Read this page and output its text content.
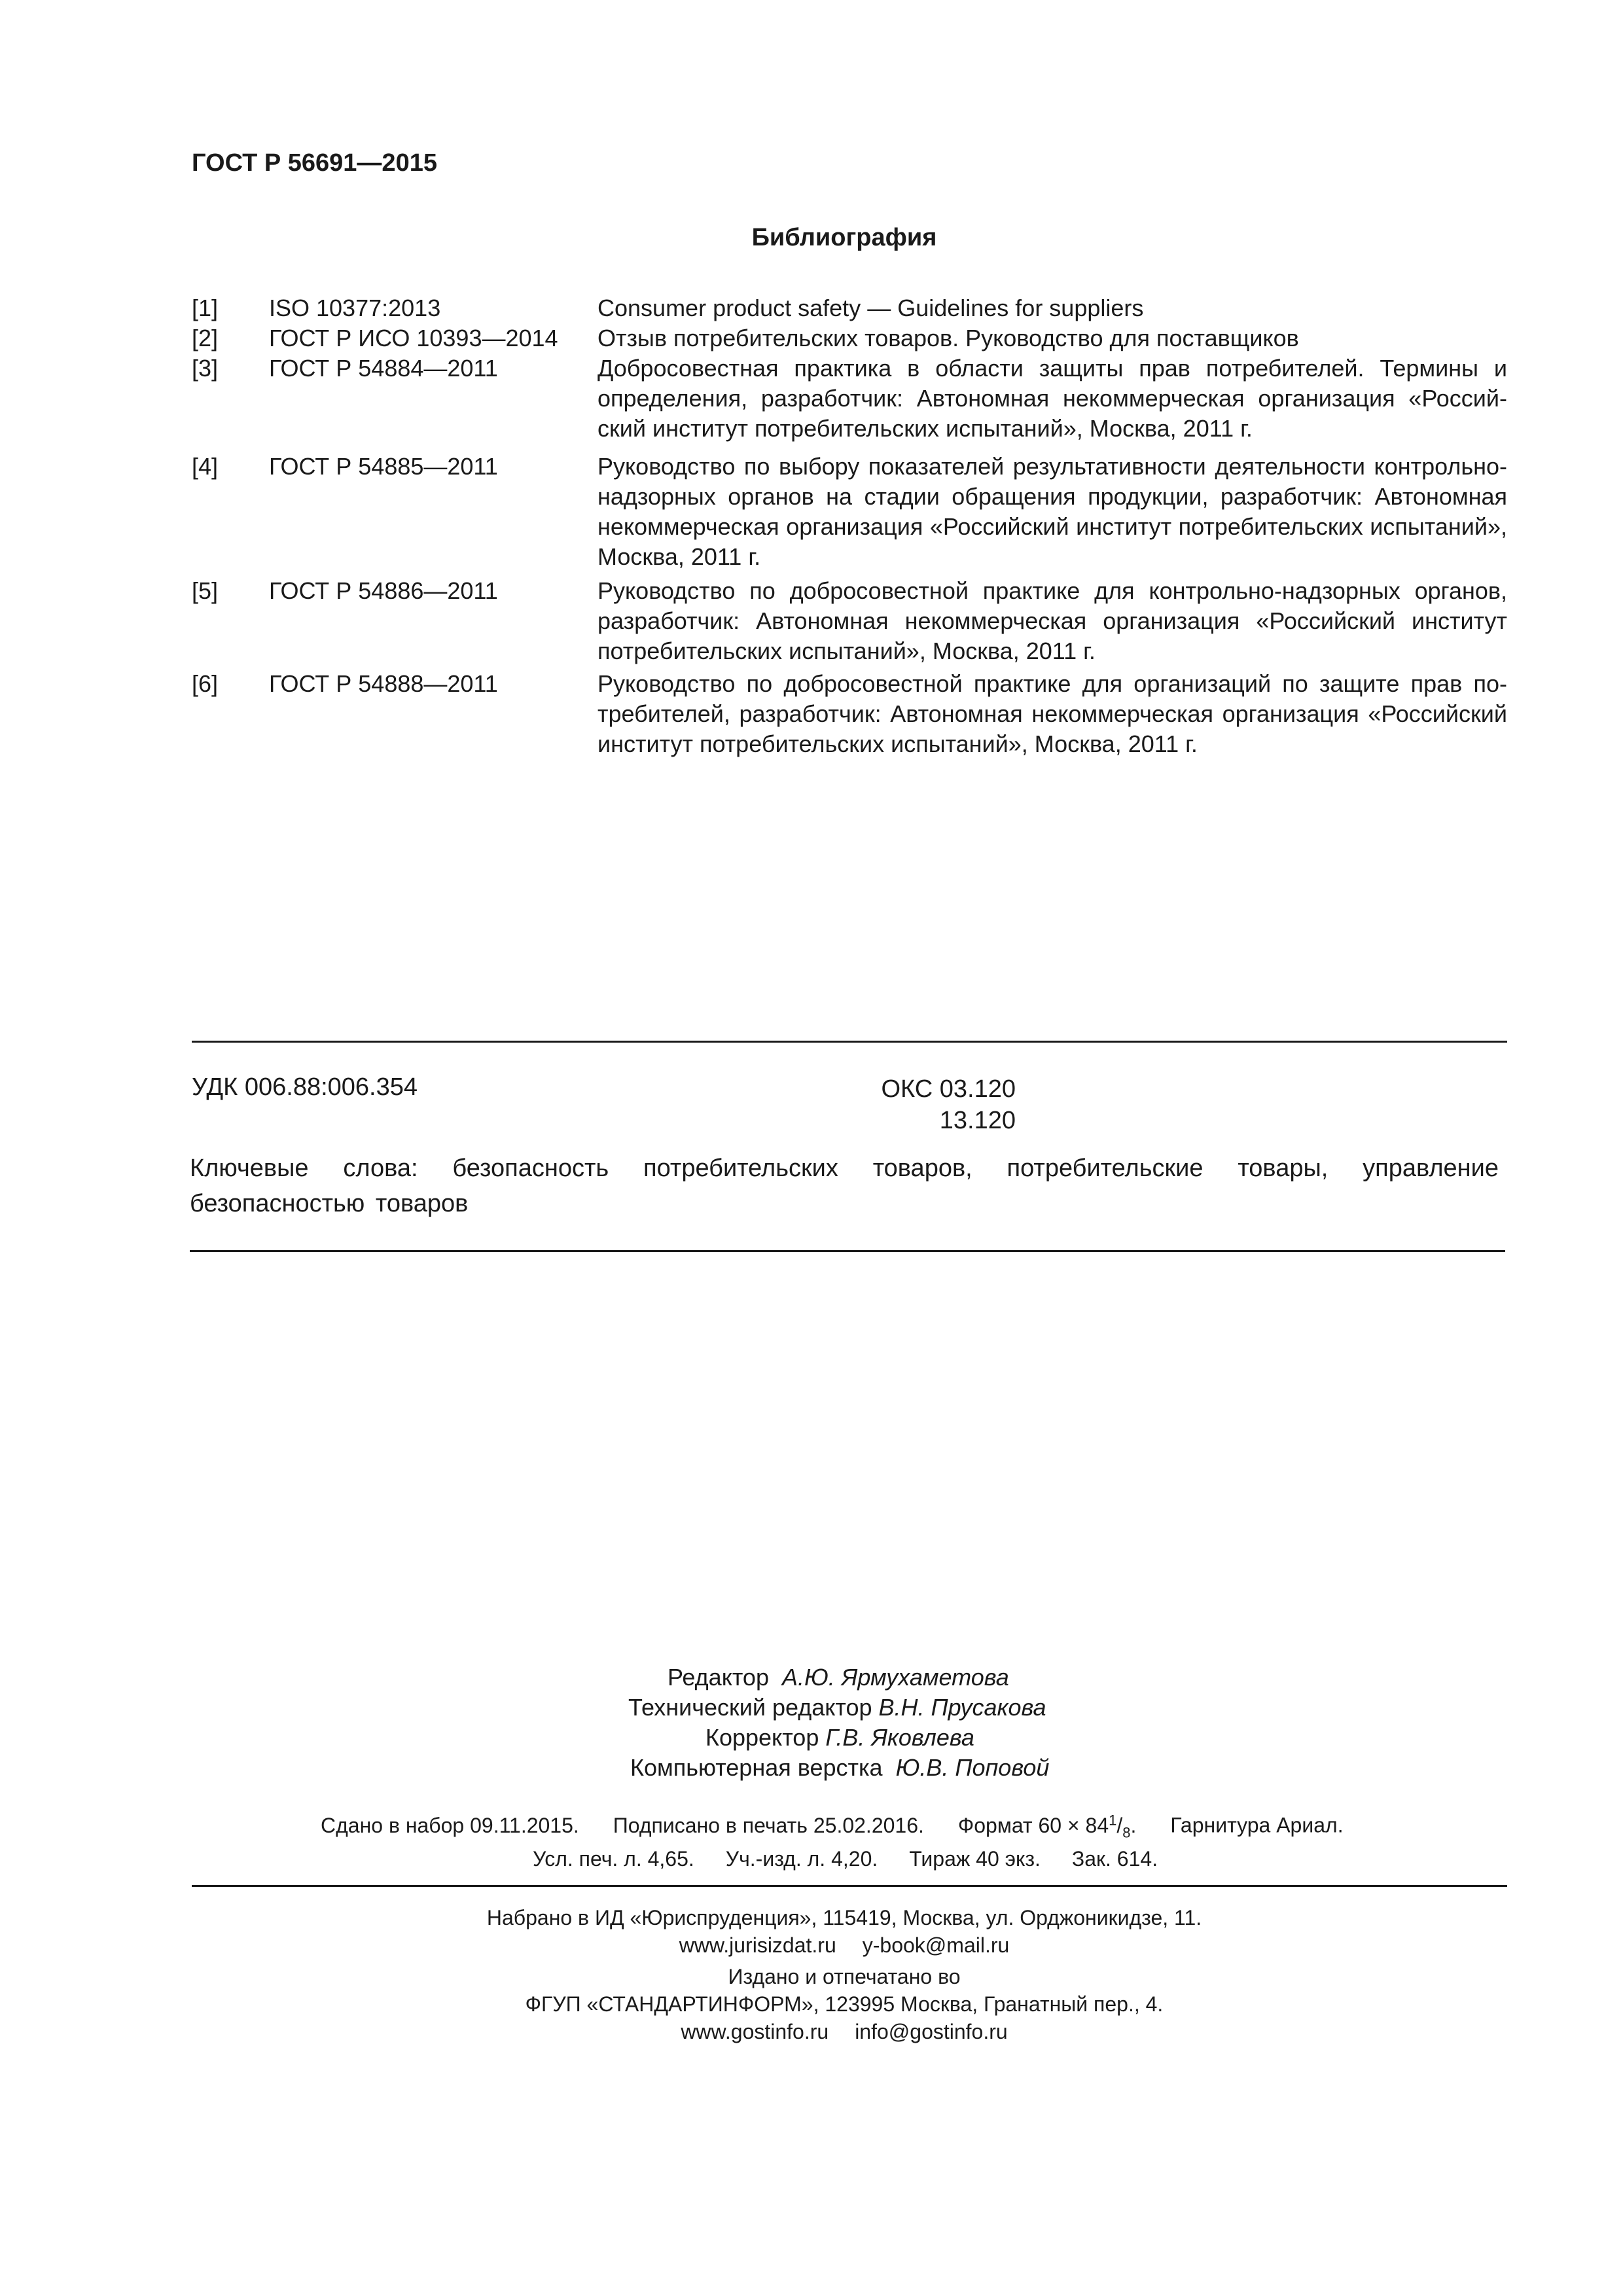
ГОСТ Р 56691—2015
Библиография
[1] ISO 10377:2013	Consumer product safety — Guidelines for suppliers
[2] ГОСТ Р ИСО 10393—2014 Отзыв потребительских товаров. Руководство для поставщиков
[3] ГОСТ Р 54884—2011	Добросовестная практика в области защиты прав потребителей. Термины и определения, разработчик: Автономная некоммерческая организация «Российский институт потребительских испытаний», Москва, 2011 г.
[4] ГОСТ Р 54885—2011	Руководство по выбору показателей результативности деятельности контрольно-надзорных органов на стадии обращения продукции, разработчик: Автономная некоммерческая организация «Российский институт потребительских испытаний», Москва, 2011 г.
[5] ГОСТ Р 54886—2011	Руководство по добросовестной практике для контрольно-надзорных органов, разработчик: Автономная некоммерческая организация «Российский институт потребительских испытаний», Москва, 2011 г.
[6] ГОСТ Р 54888—2011	Руководство по добросовестной практике для организаций по защите прав потребителей, разработчик: Автономная некоммерческая организация «Российский институт потребительских испытаний», Москва, 2011 г.
УДК 006.88:006.354	ОКС 03.120
13.120
Ключевые слова: безопасность потребительских товаров, потребительские товары, управление безопасностью товаров
Редактор А.Ю. Ярмухаметова
Технический редактор В.Н. Прусакова
Корректор Г.В. Яковлева
Компьютерная верстка Ю.В. Поповой
Сдано в набор 09.11.2015. Подписано в печать 25.02.2016. Формат $60 \times 84^1/_8$. Гарнитура Ариал.
Усл. печ. л. 4,65. Уч.-изд. л. 4,20. Тираж 40 экз. Зак. 614.
Набрано в ИД «Юриспруденция», 115419, Москва, ул. Орджоникидзе, 11.
www.jurisizdat.ru y-book@mail.ru
Издано и отпечатано во
ФГУП «СТАНДАРТИНФОРМ», 123995 Москва, Гранатный пер., 4.
www.gostinfo.ru info@gostinfo.ru
